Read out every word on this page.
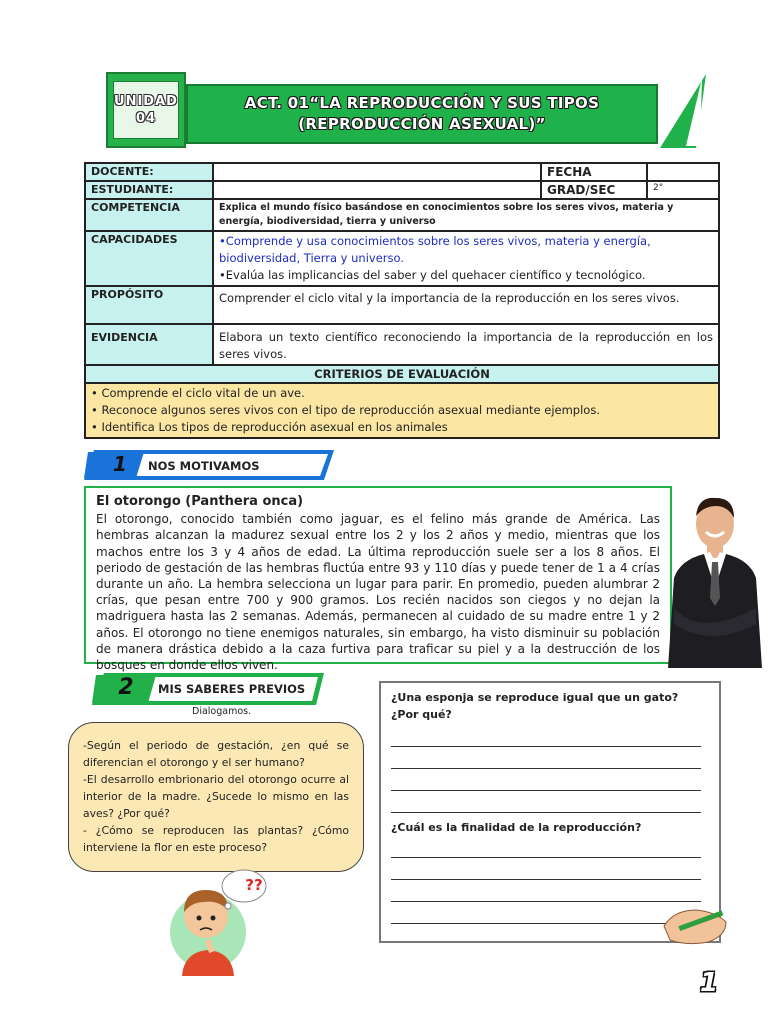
UNIDAD
04
ACT. 01“LA REPRODUCCIÓN Y SUS TIPOS
(REPRODUCCIÓN ASEXUAL)”
DOCENTE:		FECHA	
ESTUDIANTE:		GRAD/SEC	2°
COMPETENCIA	Explica el mundo físico basándose en conocimientos sobre los seres vivos, materia y energía, biodiversidad, tierra y universo		
CAPACIDADES	•Comprende y usa conocimientos sobre los seres vivos, materia y energía, biodiversidad, Tierra y universo.
•Evalúa las implicancias del saber y del quehacer científico y tecnológico.		

PROPÓSITO	Comprender el ciclo vital y la importancia de la reproducción en los seres vivos.		
EVIDENCIA	Elabora un texto científico reconociendo la importancia de la reproducción en los seres vivos.		
CRITERIOS DE EVALUACIÓN			

• Comprende el ciclo vital de un ave.
• Reconoce algunos seres vivos con el tipo de reproducción asexual mediante ejemplos.
• Identifica Los tipos de reproducción asexual en los animales			
1	NOS MOTIVAMOS
El otorongo (Panthera onca)
El otorongo, conocido también como jaguar, es el felino más grande de América. Las hembras alcanzan la madurez sexual entre los 2 y los 2 años y medio, mientras que los machos entre los 3 y 4 años de edad. La última reproducción suele ser a los 8 años. El periodo de gestación de las hembras fluctúa entre 93 y 110 días y puede tener de 1 a 4 crías durante un año. La hembra selecciona un lugar para parir. En promedio, pueden alumbrar 2 crías, que pesan entre 700 y 900 gramos. Los recién nacidos son ciegos y no dejan la madriguera hasta las 2 semanas. Además, permanecen al cuidado de su madre entre 1 y 2 años. El otorongo no tiene enemigos naturales, sin embargo, ha visto disminuir su población de manera drástica debido a la caza furtiva para traficar su piel y a la destrucción de los bosques en donde ellos viven.
2	MIS SABERES PREVIOS
Dialogamos.
-Según el periodo de gestación, ¿en qué se diferencian el otorongo y el ser humano?
-El desarrollo embrionario del otorongo ocurre al interior de la madre. ¿Sucede lo mismo en las aves? ¿Por qué?
- ¿Cómo se reproducen las plantas? ¿Cómo interviene la flor en este proceso?
??

¿Una esponja se reproduce igual que un gato? ¿Por qué?

¿Cuál es la finalidad de la reproducción?

1
